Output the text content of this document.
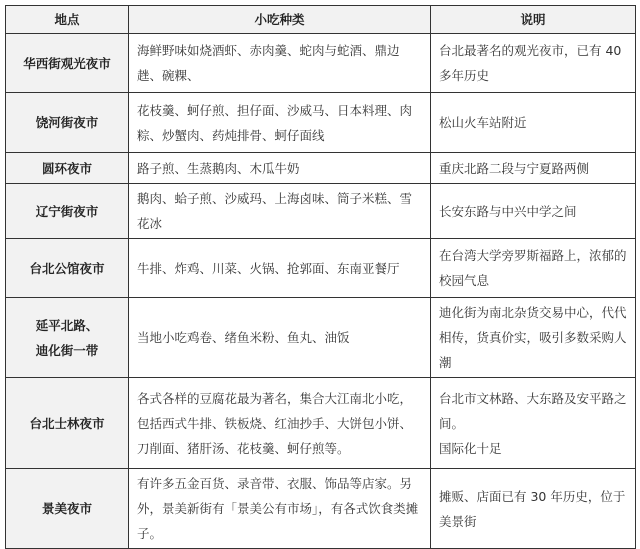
地点	小吃种类	说明

华西街观光夜市	海鲜野味如烧酒虾、赤肉羹、蛇肉与蛇酒、鼎边趖、碗粿、	台北最著名的观光夜市，已有 40 多年历史

饶河街夜市	花枝羹、蚵仔煎、担仔面、沙威马、日本料理、肉粽、炒蟹肉、药炖排骨、蚵仔面线	松山火车站附近

圆环夜市	路子煎、生蒸鹅肉、木瓜牛奶	重庆北路二段与宁夏路两侧

辽宁街夜市	鹅肉、蛤子煎、沙威玛、上海卤味、筒子米糕、雪花冰	长安东路与中兴中学之间

台北公馆夜市	牛排、炸鸡、川菜、火锅、抢郭面、东南亚餐厅	在台湾大学旁罗斯福路上，浓郁的校园气息

延平北路、
迪化街一带	当地小吃鸡卷、绪鱼米粉、鱼丸、油饭	迪化街为南北杂货交易中心，代代相传，货真价实，吸引多数采购人潮

台北士林夜市	各式各样的豆腐花最为著名，集合大江南北小吃，包括西式牛排、铁板烧、红油抄手、大饼包小饼、刀削面、猪肝汤、花枝羹、蚵仔煎等。	台北市文林路、大东路及安平路之间。
国际化十足

景美夜市	有许多五金百货、录音带、衣服、饰品等店家。另外，景美新街有「景美公有市场」，有各式饮食类摊子。	摊贩、店面已有 30 年历史，位于美景街
